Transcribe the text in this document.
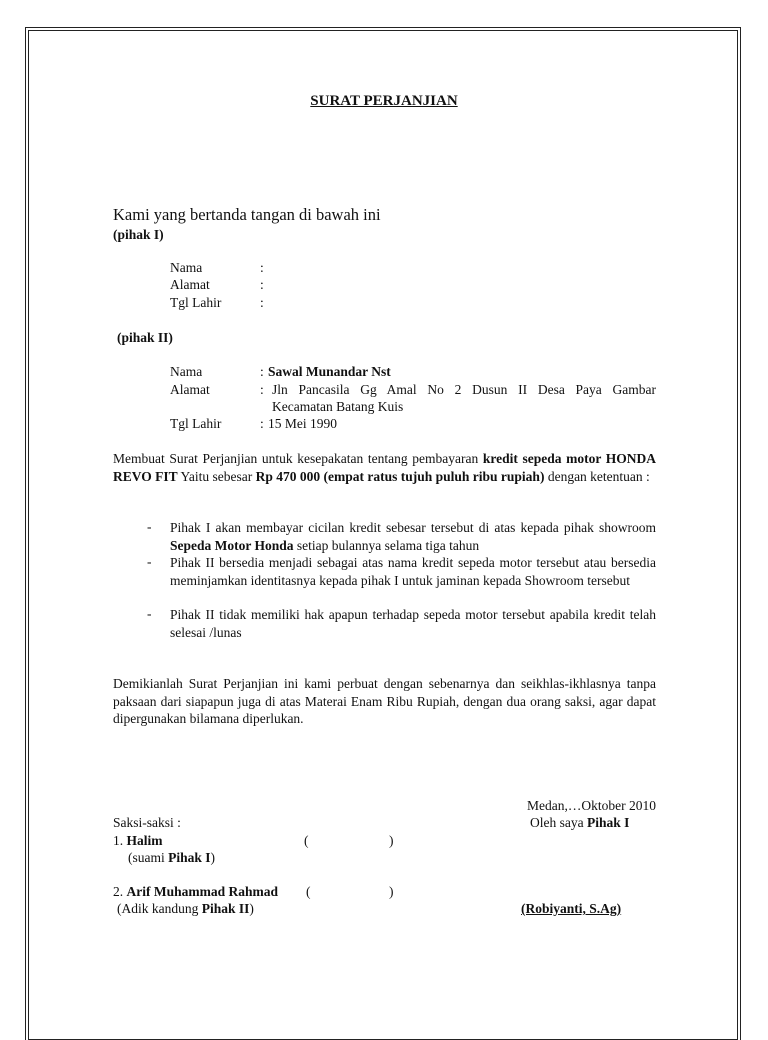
SURAT PERJANJIAN
Kami yang bertanda tangan di bawah ini
(pihak I)
Nama	:
Alamat	:
Tgl Lahir	:
(pihak II)
Nama	: Sawal Munandar Nst
Alamat	: Jln Pancasila Gg Amal No 2 Dusun II Desa Paya Gambar
Kecamatan Batang Kuis
Tgl Lahir	: 15 Mei 1990
Membuat Surat Perjanjian untuk kesepakatan tentang pembayaran kredit sepeda motor HONDA REVO FIT Yaitu sebesar Rp 470 000 (empat ratus tujuh puluh ribu rupiah) dengan ketentuan :
- Pihak I akan membayar cicilan kredit sebesar tersebut di atas kepada pihak showroom Sepeda Motor Honda setiap bulannya selama tiga tahun
- Pihak II bersedia menjadi sebagai atas nama kredit sepeda motor tersebut atau bersedia meminjamkan identitasnya kepada pihak I untuk jaminan kepada Showroom tersebut
- Pihak II tidak memiliki hak apapun terhadap sepeda motor tersebut apabila kredit telah selesai /lunas
Demikianlah Surat Perjanjian ini kami perbuat dengan sebenarnya dan seikhlas-ikhlasnya tanpa paksaan dari siapapun juga di atas Materai Enam Ribu Rupiah, dengan dua orang saksi, agar dapat dipergunakan bilamana diperlukan.
Medan,…Oktober 2010
Saksi-saksi :	Oleh saya Pihak I
1. Halim	(	)
(suami Pihak I)
2. Arif Muhammad Rahmad (	)
(Adik kandung Pihak II)	(Robiyanti, S.Ag)
